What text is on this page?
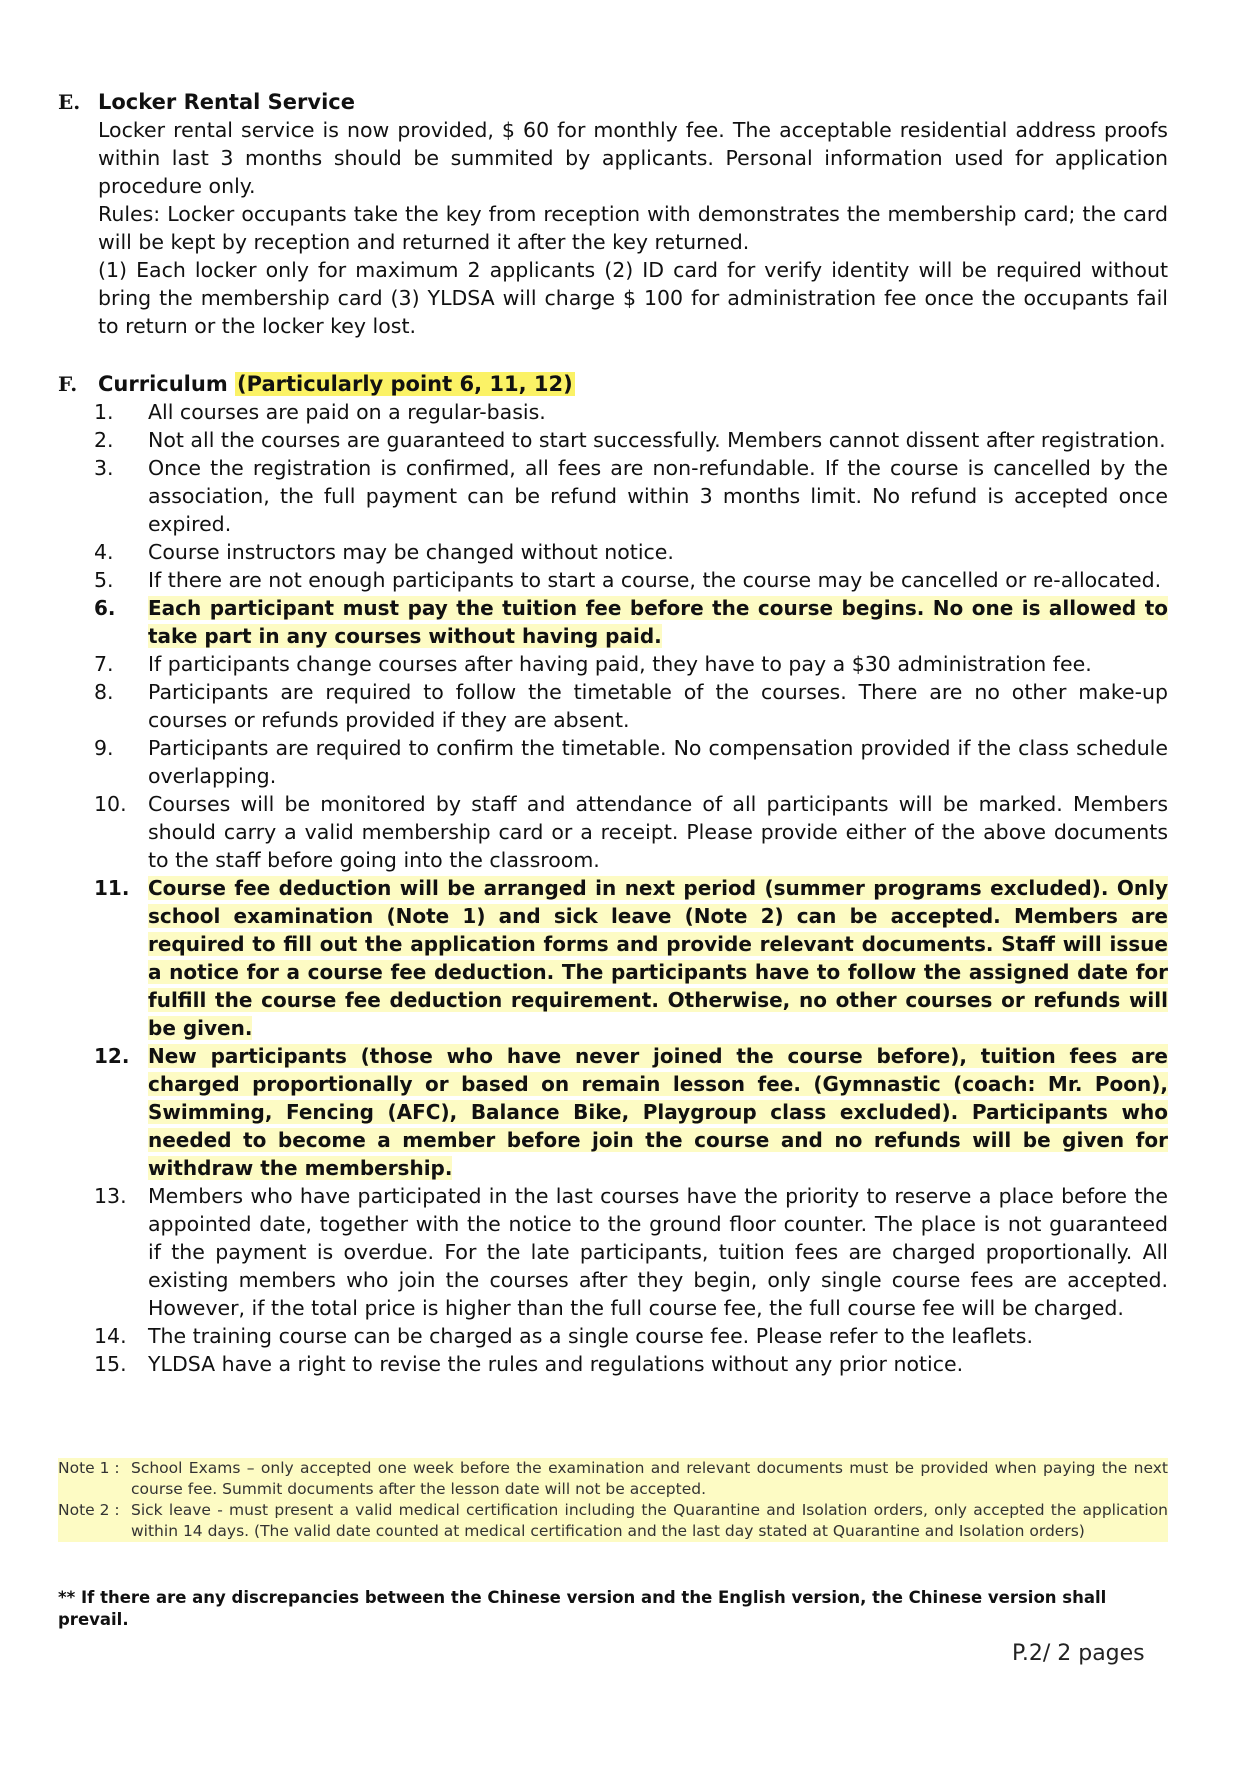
E. Locker Rental Service
Locker rental service is now provided, $ 60 for monthly fee. The acceptable residential address proofs within last 3 months should be summited by applicants. Personal information used for application procedure only.
Rules: Locker occupants take the key from reception with demonstrates the membership card; the card will be kept by reception and returned it after the key returned.
(1) Each locker only for maximum 2 applicants (2) ID card for verify identity will be required without bring the membership card (3) YLDSA will charge $ 100 for administration fee once the occupants fail to return or the locker key lost.
F. Curriculum (Particularly point 6, 11, 12)
1.	All courses are paid on a regular-basis.
2.	Not all the courses are guaranteed to start successfully. Members cannot dissent after registration.
3.	Once the registration is confirmed, all fees are non-refundable. If the course is cancelled by the association, the full payment can be refund within 3 months limit. No refund is accepted once expired.
4.	Course instructors may be changed without notice.
5.	If there are not enough participants to start a course, the course may be cancelled or re-allocated.
6.	Each participant must pay the tuition fee before the course begins. No one is allowed to take part in any courses without having paid.
7.	If participants change courses after having paid, they have to pay a $30 administration fee.
8.	Participants are required to follow the timetable of the courses. There are no other make-up courses or refunds provided if they are absent.
9.	Participants are required to confirm the timetable. No compensation provided if the class schedule overlapping.
10.	Courses will be monitored by staff and attendance of all participants will be marked. Members should carry a valid membership card or a receipt. Please provide either of the above documents to the staff before going into the classroom.
11. Course fee deduction will be arranged in next period (summer programs excluded). Only school examination (Note 1) and sick leave (Note 2) can be accepted. Members are required to fill out the application forms and provide relevant documents. Staff will issue a notice for a course fee deduction. The participants have to follow the assigned date for fulfill the course fee deduction requirement. Otherwise, no other courses or refunds will be given.
12. New participants (those who have never joined the course before), tuition fees are charged proportionally or based on remain lesson fee. (Gymnastic (coach: Mr. Poon), Swimming, Fencing (AFC), Balance Bike, Playgroup class excluded). Participants who needed to become a member before join the course and no refunds will be given for withdraw the membership.
13.	Members who have participated in the last courses have the priority to reserve a place before the appointed date, together with the notice to the ground floor counter. The place is not guaranteed if the payment is overdue. For the late participants, tuition fees are charged proportionally. All existing members who join the courses after they begin, only single course fees are accepted. However, if the total price is higher than the full course fee, the full course fee will be charged.
14.	The training course can be charged as a single course fee. Please refer to the leaflets.
15.	YLDSA have a right to revise the rules and regulations without any prior notice.
Note 1 : School Exams – only accepted one week before the examination and relevant documents must be provided when paying the next course fee. Summit documents after the lesson date will not be accepted.
Note 2 : Sick leave - must present a valid medical certification including the Quarantine and Isolation orders, only accepted the application within 14 days. (The valid date counted at medical certification and the last day stated at Quarantine and Isolation orders)
** If there are any discrepancies between the Chinese version and the English version, the Chinese version shall prevail.
P.2/ 2 pages
